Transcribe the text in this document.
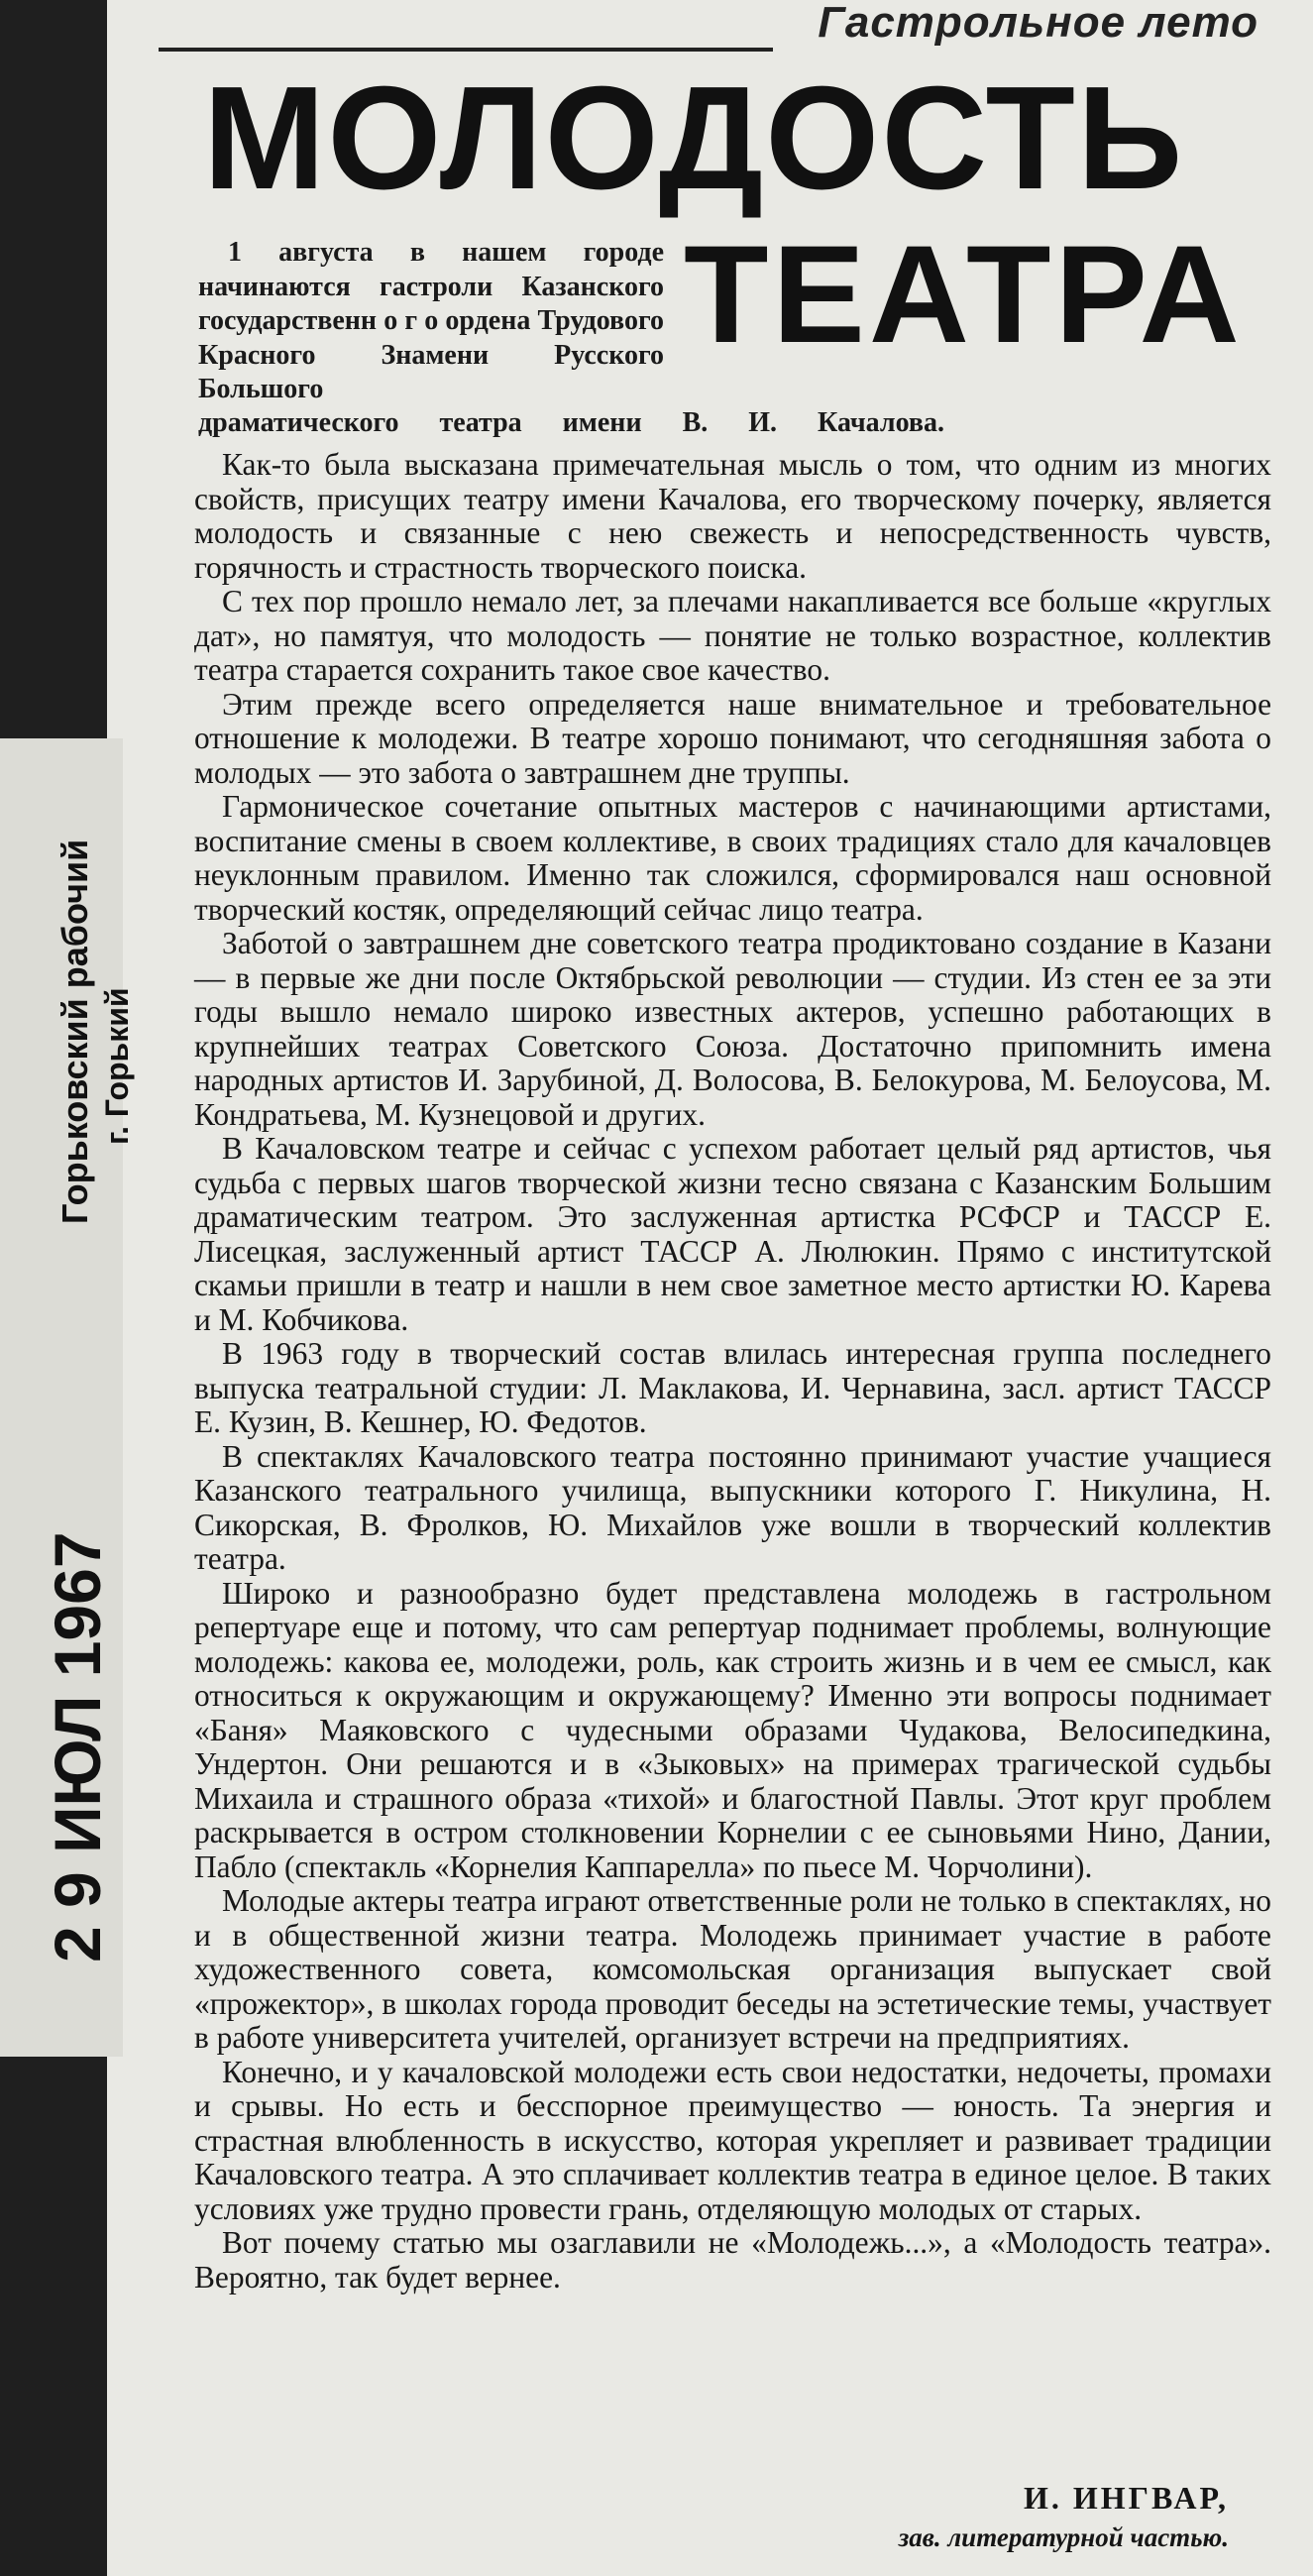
Горьковский рабочий г. Горький
2 9 ИЮЛ 1967
Гастрольное лето
МОЛОДОСТЬ
ТЕАТРА
1 августа в нашем городе начинаются гастроли Казанского государственн о г о ордена Трудового Красного Знамени Русского Большого
драматического театра имени В. И. Качалова.

Как-то была высказана примечательная мысль о том, что одним из многих свойств, присущих театру имени Качалова, его творческому почерку, является молодость и связанные с нею свежесть и непосредственность чувств, горячность и страстность творческого поиска.

С тех пор прошло немало лет, за плечами накапливается все больше «круглых дат», но памятуя, что молодость — понятие не только возрастное, коллектив театра старается сохранить такое свое качество.

Этим прежде всего определяется наше внимательное и требовательное отношение к молодежи. В театре хорошо понимают, что сегодняшняя забота о молодых — это забота о завтрашнем дне труппы.

Гармоническое сочетание опытных мастеров с начинающими артистами, воспитание смены в своем коллективе, в своих традициях стало для качаловцев неуклонным правилом. Именно так сложился, сформировался наш основной творческий костяк, определяющий сейчас лицо театра.

Заботой о завтрашнем дне советского театра продиктовано создание в Казани — в первые же дни после Октябрьской революции — студии. Из стен ее за эти годы вышло немало широко известных актеров, успешно работающих в крупнейших театрах Советского Союза. Достаточно припомнить имена народных артистов И. Зарубиной, Д. Волосова, В. Белокурова, М. Белоусова, М. Кондратьева, М. Кузнецовой и других.

В Качаловском театре и сейчас с успехом работает целый ряд артистов, чья судьба с первых шагов творческой жизни тесно связана с Казанским Большим драматическим театром. Это заслуженная артистка РСФСР и ТАССР Е. Лисецкая, заслуженный артист ТАССР А. Люлюкин. Прямо с институтской скамьи пришли в театр и нашли в нем свое заметное место артистки Ю. Карева и М. Кобчикова.

В 1963 году в творческий состав влилась интересная группа последнего выпуска театральной студии: Л. Маклакова, И. Чернавина, засл. артист ТАССР Е. Кузин, В. Кешнер, Ю. Федотов.

В спектаклях Качаловского театра постоянно принимают участие учащиеся Казанского театрального училища, выпускники которого Г. Никулина, Н. Сикорская, В. Фролков, Ю. Михайлов уже вошли в творческий коллектив театра.

Широко и разнообразно будет представлена молодежь в гастрольном репертуаре еще и потому, что сам репертуар поднимает проблемы, волнующие молодежь: какова ее, молодежи, роль, как строить жизнь и в чем ее смысл, как относиться к окружающим и окружающему? Именно эти вопросы поднимает «Баня» Маяковского с чудесными образами Чудакова, Велосипедкина, Ундертон. Они решаются и в «Зыковых» на примерах трагической судьбы Михаила и страшного образа «тихой» и благостной Павлы. Этот круг проблем раскрывается в остром столкновении Корнелии с ее сыновьями Нино, Дании, Пабло (спектакль «Корнелия Каппарелла» по пьесе М. Чорчолини).

Молодые актеры театра играют ответственные роли не только в спектаклях, но и в общественной жизни театра. Молодежь принимает участие в работе художественного совета, комсомольская организация выпускает свой «прожектор», в школах города проводит беседы на эстетические темы, участвует в работе университета учителей, организует встречи на предприятиях.

Конечно, и у качаловской молодежи есть свои недостатки, недочеты, промахи и срывы. Но есть и бесспорное преимущество — юность. Та энергия и страстная влюбленность в искусство, которая укрепляет и развивает традиции Качаловского театра. А это сплачивает коллектив театра в единое целое. В таких условиях уже трудно провести грань, отделяющую молодых от старых.

Вот почему статью мы озаглавили не «Молодежь...», а «Молодость театра». Вероятно, так будет вернее.

И. ИНГВАР,
зав. литературной частью.
